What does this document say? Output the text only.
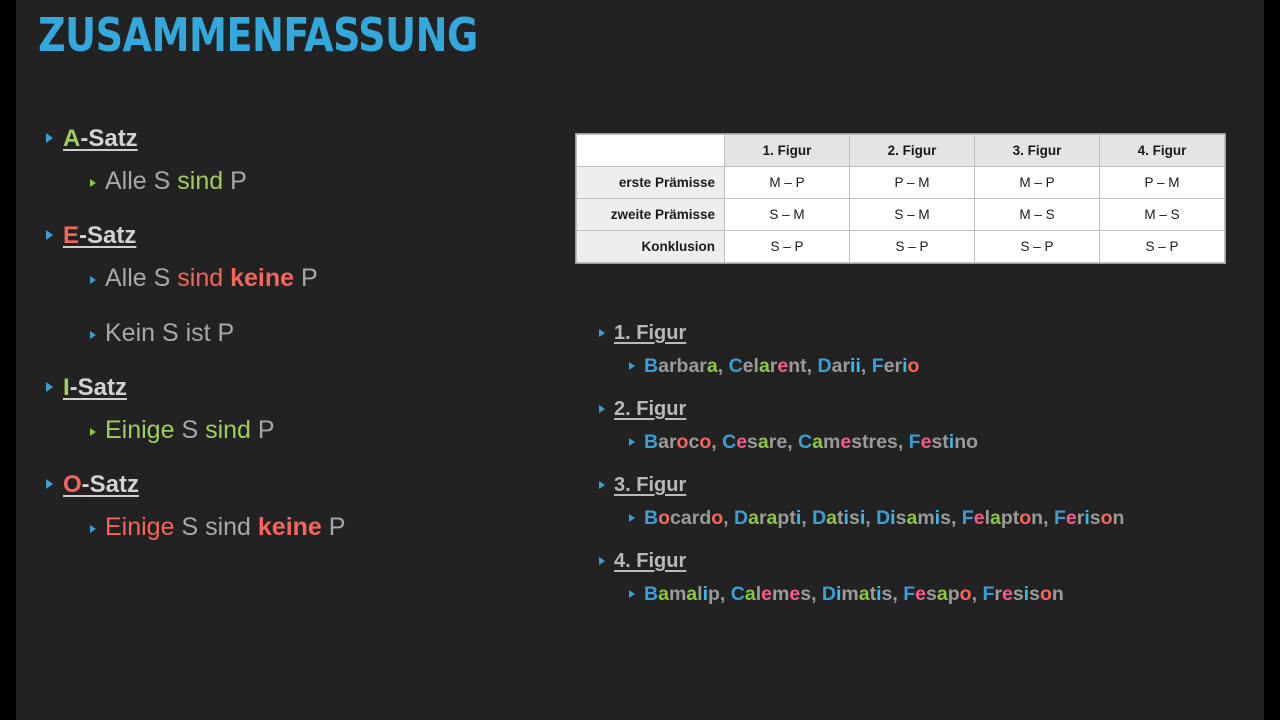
ZUSAMMENFASSUNG
A-Satz
Alle S sind P
E-Satz
Alle S sind keine P
Kein S ist P
I-Satz
Einige S sind P
O-Satz
Einige S sind keine P
	1. Figur	2. Figur	3. Figur	4. Figur
erste Prämisse	M – P	P – M	M – P	P – M
zweite Prämisse	S – M	S – M	M – S	M – S
Konklusion	S – P	S – P	S – P	S – P
1. Figur
Barbara, Celarent, Darii, Ferio
2. Figur
Baroco, Cesare, Camestres, Festino
3. Figur
Bocardo, Darapti, Datisi, Disamis, Felapton, Ferison
4. Figur
Bamalip, Calemes, Dimatis, Fesapo, Fresison
